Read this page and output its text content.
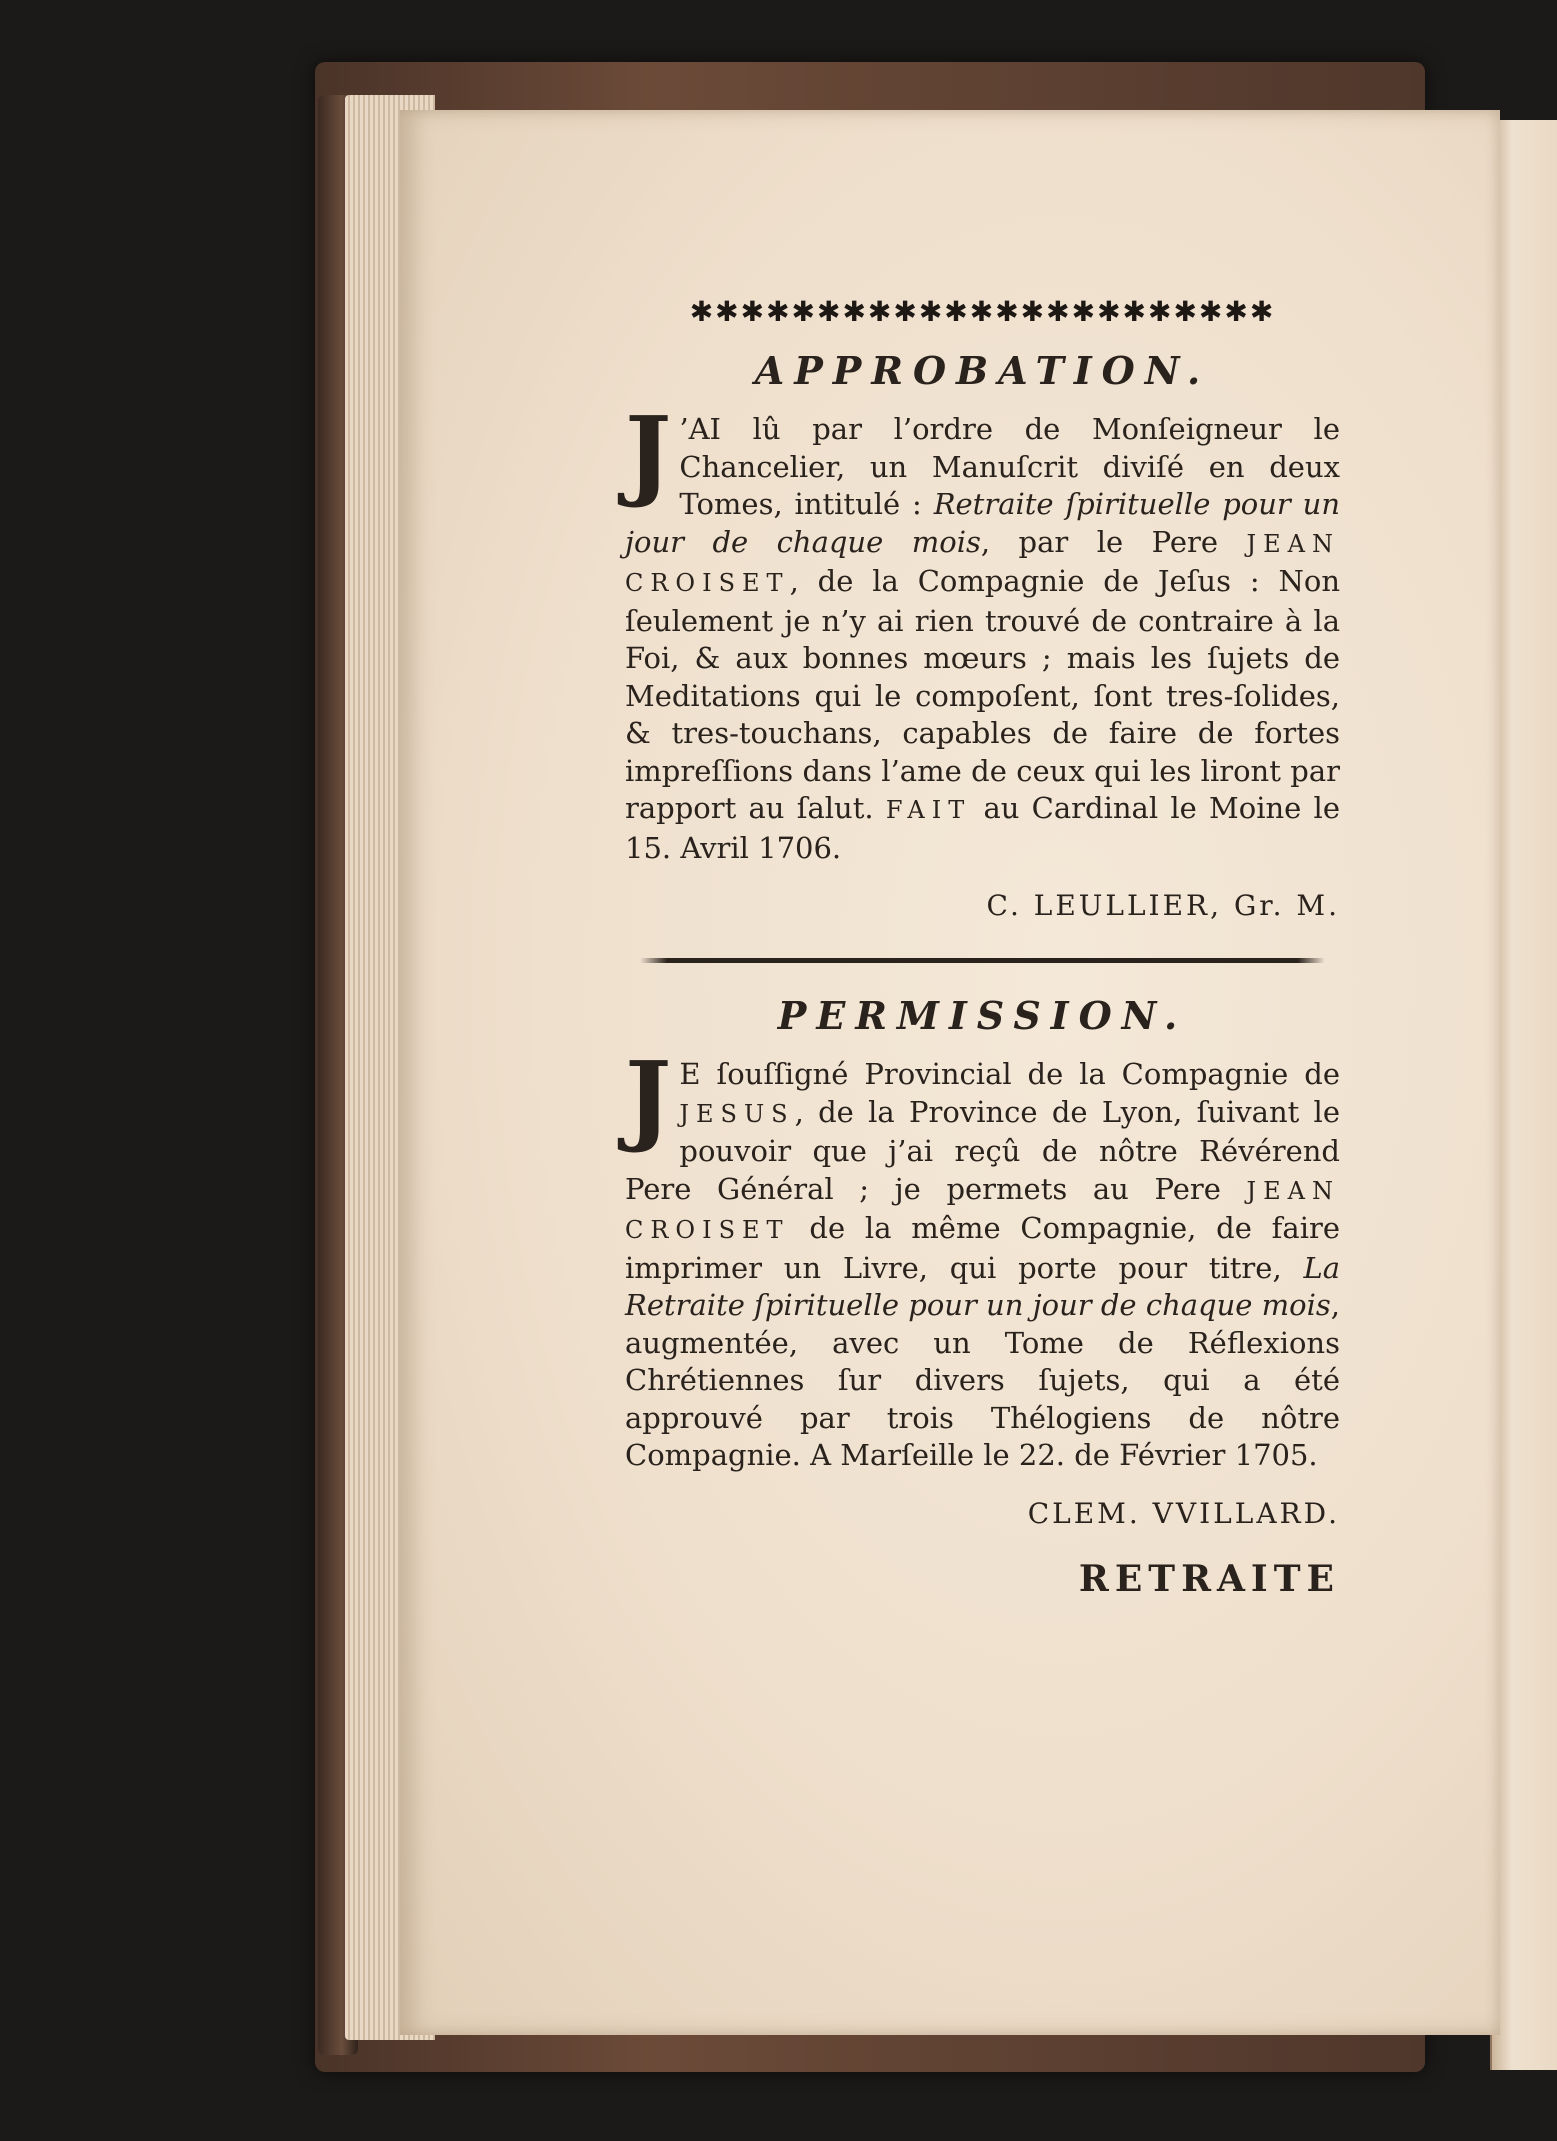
✱✱✱✱✱✱✱✱✱✱✱✱✱✱✱✱✱✱✱✱✱✱✱
APPROBATION.

J ’AI lû par l’ordre de Monſeigneur le Chancelier, un Manuſcrit diviſé en deux Tomes, intitulé : Retraite ſpirituelle pour un jour de chaque mois, par le Pere JEAN CROISET, de la Compagnie de Jeſus : Non ſeulement je n’y ai rien trouvé de contraire à la Foi, & aux bonnes mœurs ; mais les ſujets de Meditations qui le compoſent, ſont tres-ſolides, & tres-touchans, capables de faire de fortes impreſſions dans l’ame de ceux qui les liront par rapport au ſalut. FAIT au Cardinal le Moine le 15. Avril 1706.

C. LEULLIER, Gr. M.
PERMISSION.

J E ſouſſigné Provincial de la Compagnie de JESUS, de la Province de Lyon, ſuivant le pouvoir que j’ai reçû de nôtre Révérend Pere Général ; je permets au Pere JEAN CROISET de la même Compagnie, de faire imprimer un Livre, qui porte pour titre, La Retraite ſpirituelle pour un jour de chaque mois, augmentée, avec un Tome de Réflexions Chrétiennes ſur divers ſujets, qui a été approuvé par trois Thélogiens de nôtre Compagnie. A Marſeille le 22. de Février 1705.

CLEM. VVILLARD.
RETRAITE
